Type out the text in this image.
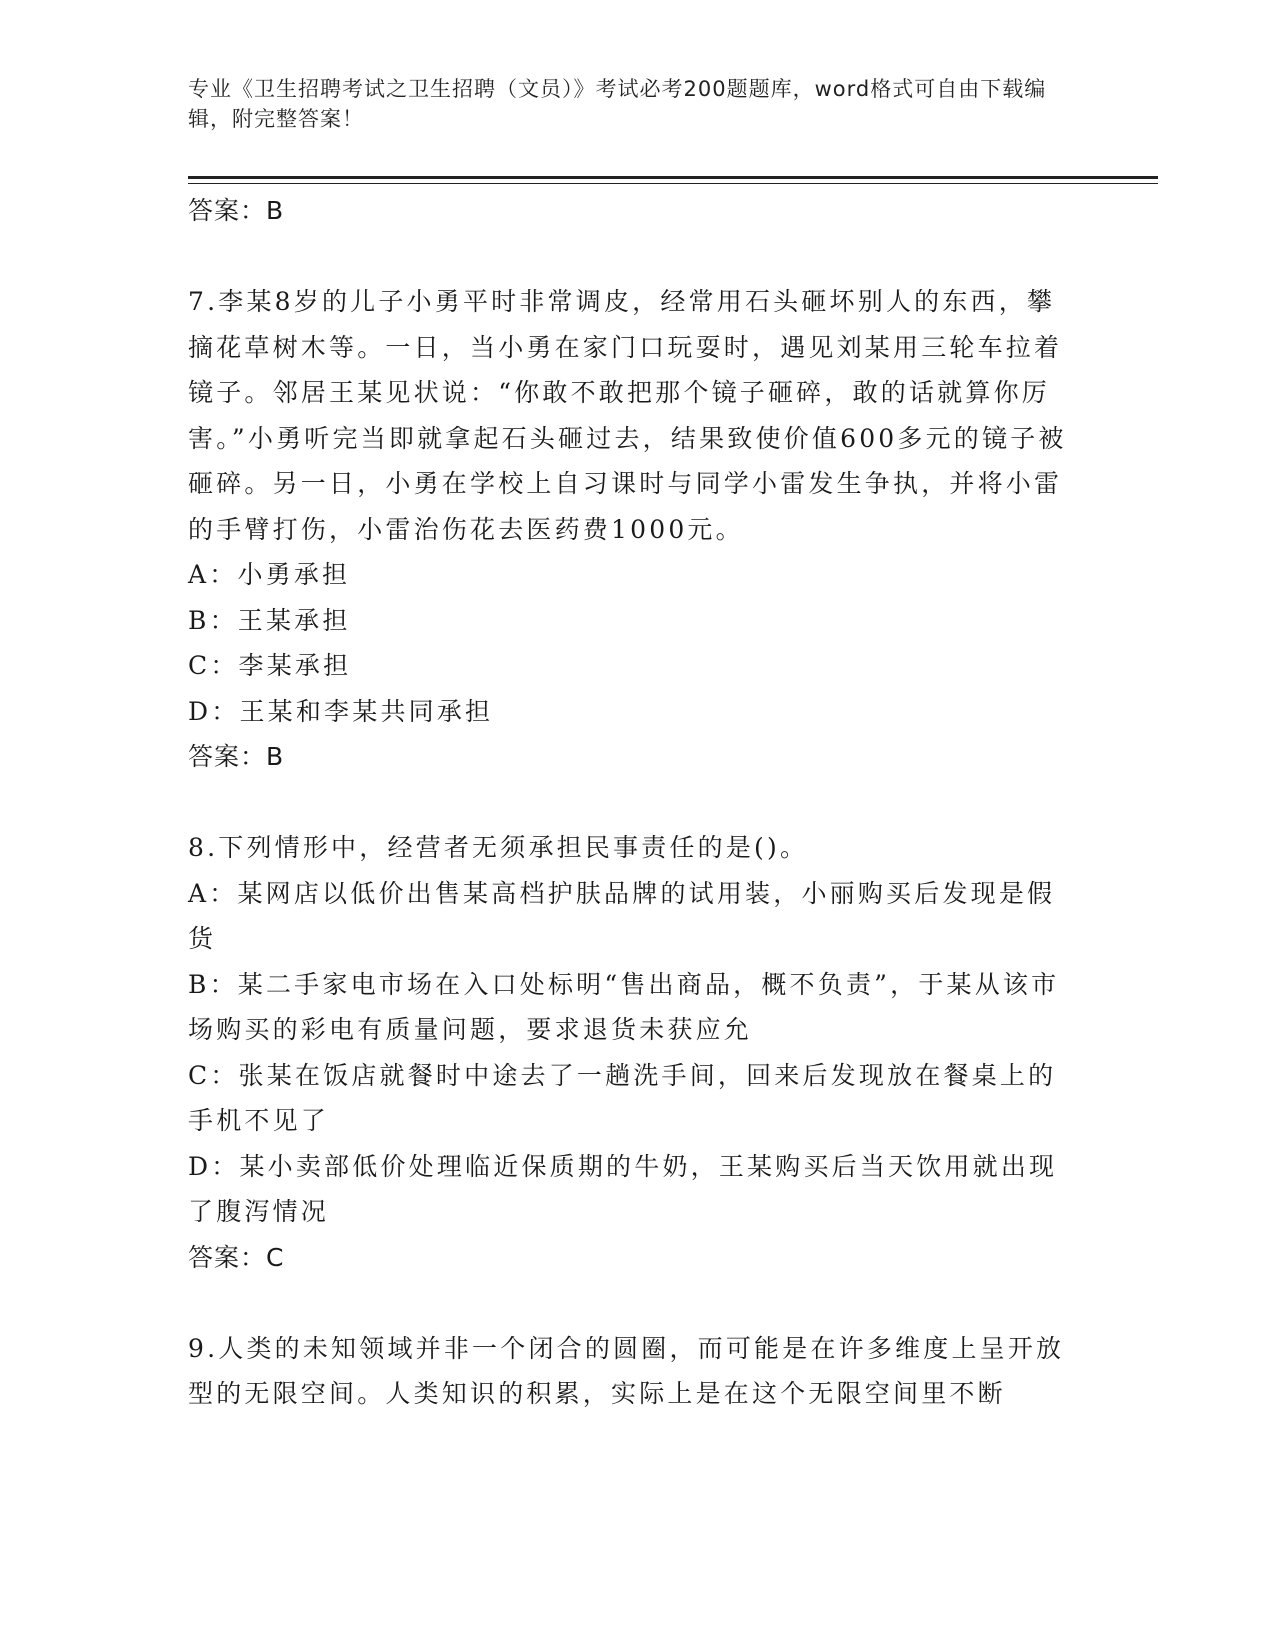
专业《卫生招聘考试之卫生招聘（文员）》考试必考200题题库，word格式可自由下载编辑，附完整答案！
答案：B

7.李某8岁的儿子小勇平时非常调皮，经常用石头砸坏别人的东西，攀摘花草树木等。一日，当小勇在家门口玩耍时，遇见刘某用三轮车拉着镜子。邻居王某见状说：“你敢不敢把那个镜子砸碎，敢的话就算你厉害。”小勇听完当即就拿起石头砸过去，结果致使价值600多元的镜子被砸碎。另一日，小勇在学校上自习课时与同学小雷发生争执，并将小雷的手臂打伤，小雷治伤花去医药费1000元。

A：小勇承担

B：王某承担

C：李某承担

D：王某和李某共同承担

答案：B

8.下列情形中，经营者无须承担民事责任的是()。

A：某网店以低价出售某高档护肤品牌的试用装，小丽购买后发现是假货

B：某二手家电市场在入口处标明“售出商品，概不负责”，于某从该市场购买的彩电有质量问题，要求退货未获应允

C：张某在饭店就餐时中途去了一趟洗手间，回来后发现放在餐桌上的手机不见了

D：某小卖部低价处理临近保质期的牛奶，王某购买后当天饮用就出现了腹泻情况

答案：C

9.人类的未知领域并非一个闭合的圆圈，而可能是在许多维度上呈开放型的无限空间。人类知识的积累，实际上是在这个无限空间里不断
